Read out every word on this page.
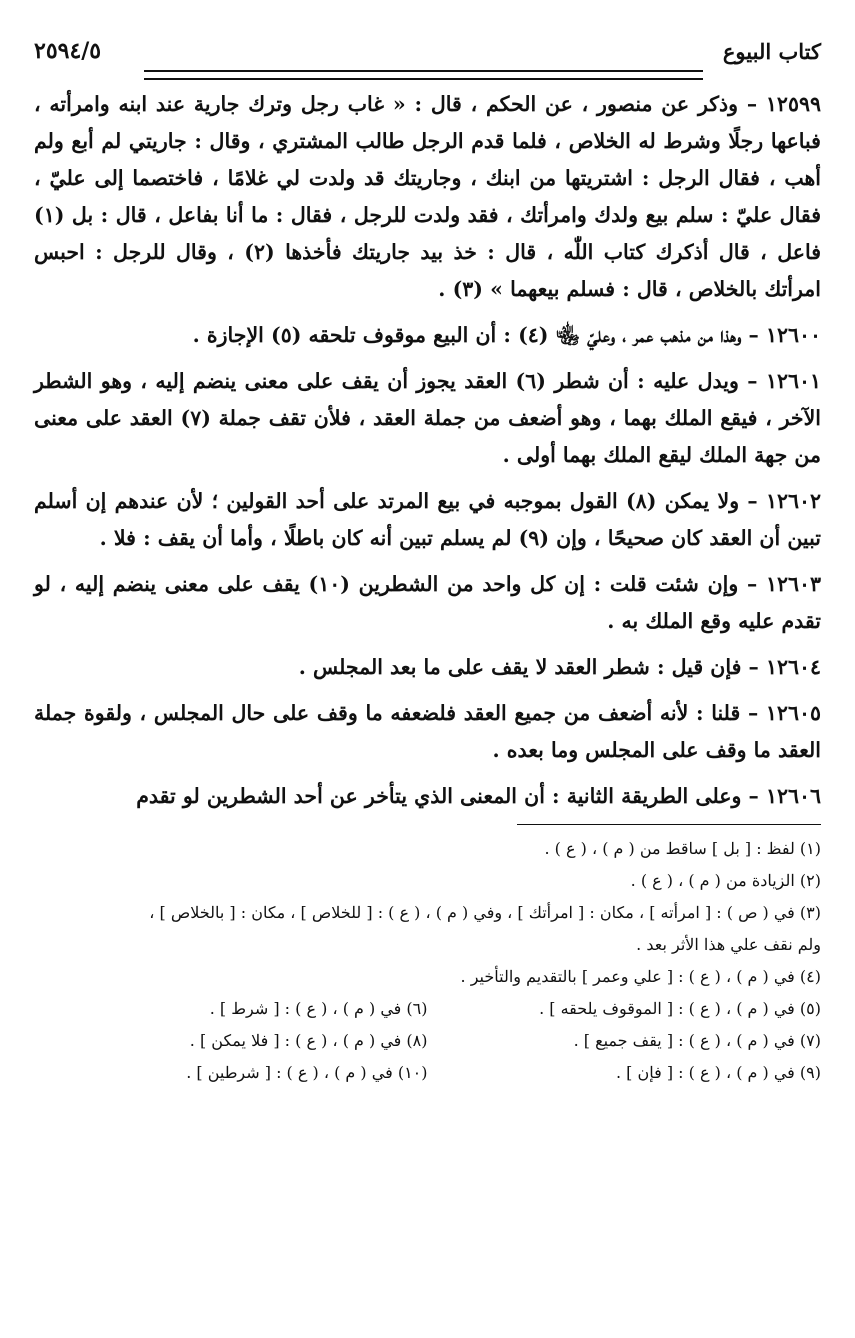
كتاب البيوع
٢٥٩٤/٥

١٢٥٩٩ – وذكر عن منصور ، عن الحكم ، قال : « غاب رجل وترك جارية عند ابنه وامرأته ، فباعها رجلًا وشرط له الخلاص ، فلما قدم الرجل طالب المشتري ، وقال : جاريتي لم أبع ولم أهب ، فقال الرجل : اشتريتها من ابنك ، وجاريتك قد ولدت لي غلامًا ، فاختصما إلى عليّ ، فقال عليّ : سلم بيع ولدك وامرأتك ، فقد ولدت للرجل ، فقال : ما أنا بفاعل ، قال : بل (١) فاعل ، قال أذكرك كتاب اللّٰه ، قال : خذ بيد جاريتك فأخذها (٢) ، وقال للرجل : احبس امرأتك بالخلاص ، قال : فسلم بيعهما » (٣) .

١٢٦٠٠ – وهذا من مذهب عمر ، وعليّ ﵄ (٤) : أن البيع موقوف تلحقه (٥) الإجازة .

١٢٦٠١ – ويدل عليه : أن شطر (٦) العقد يجوز أن يقف على معنى ينضم إليه ، وهو الشطر الآخر ، فيقع الملك بهما ، وهو أضعف من جملة العقد ، فلأن تقف جملة (٧) العقد على معنى من جهة الملك ليقع الملك بهما أولى .

١٢٦٠٢ – ولا يمكن (٨) القول بموجبه في بيع المرتد على أحد القولين ؛ لأن عندهم إن أسلم تبين أن العقد كان صحيحًا ، وإن (٩) لم يسلم تبين أنه كان باطلًا ، وأما أن يقف : فلا .

١٢٦٠٣ – وإن شئت قلت : إن كل واحد من الشطرين (١٠) يقف على معنى ينضم إليه ، لو تقدم عليه وقع الملك به .

١٢٦٠٤ – فإن قيل : شطر العقد لا يقف على ما بعد المجلس .

١٢٦٠٥ – قلنا : لأنه أضعف من جميع العقد فلضعفه ما وقف على حال المجلس ، ولقوة جملة العقد ما وقف على المجلس وما بعده .

١٢٦٠٦ – وعلى الطريقة الثانية : أن المعنى الذي يتأخر عن أحد الشطرين لو تقدم

(١) لفظ : [ بل ] ساقط من ( م ) ، ( ع ) .
(٢) الزيادة من ( م ) ، ( ع ) .
(٣) في ( ص ) : [ امرأته ] ، مكان : [ امرأتك ] ، وفي ( م ) ، ( ع ) : [ للخلاص ] ، مكان : [ بالخلاص ] ،
ولم نقف علي هذا الأثر بعد .
(٤) في ( م ) ، ( ع ) : [ علي وعمر ] بالتقديم والتأخير .
(٥) في ( م ) ، ( ع ) : [ الموقوف يلحقه ] .
(٦) في ( م ) ، ( ع ) : [ شرط ] .
(٧) في ( م ) ، ( ع ) : [ يقف جميع ] .
(٨) في ( م ) ، ( ع ) : [ فلا يمكن ] .
(٩) في ( م ) ، ( ع ) : [ فإن ] .
(١٠) في ( م ) ، ( ع ) : [ شرطين ] .
